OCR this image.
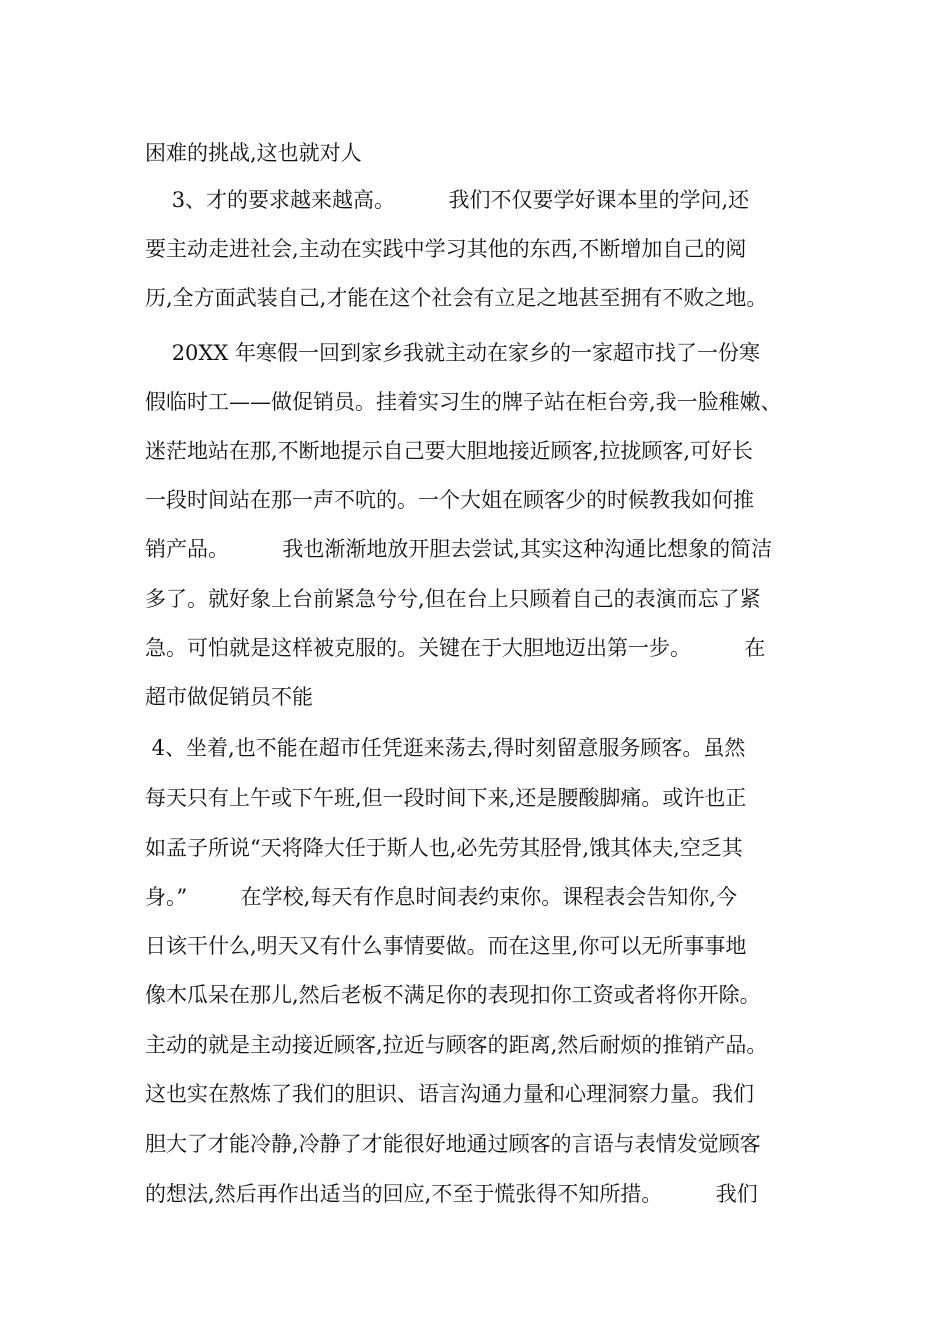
困难的挑战,这也就对人
3、才的要求越来越高。        我们不仅要学好课本里的学问,还
要主动走进社会,主动在实践中学习其他的东西,不断增加自己的阅
历,全方面武装自己,才能在这个社会有立足之地甚至拥有不败之地。
20XX 年寒假一回到家乡我就主动在家乡的一家超市找了一份寒
假临时工——做促销员。挂着实习生的牌子站在柜台旁,我一脸稚嫩、
迷茫地站在那,不断地提示自己要大胆地接近顾客,拉拢顾客,可好长
一段时间站在那一声不吭的。一个大姐在顾客少的时候教我如何推
销产品。        我也渐渐地放开胆去尝试,其实这种沟通比想象的简洁
多了。就好象上台前紧急兮兮,但在台上只顾着自己的表演而忘了紧
急。可怕就是这样被克服的。关键在于大胆地迈出第一步。        在
超市做促销员不能
4、坐着,也不能在超市任凭逛来荡去,得时刻留意服务顾客。虽然
每天只有上午或下午班,但一段时间下来,还是腰酸脚痛。或许也正
如孟子所说“天将降大任于斯人也,必先劳其胫骨,饿其体夫,空乏其
身。”        在学校,每天有作息时间表约束你。课程表会告知你,今
日该干什么,明天又有什么事情要做。而在这里,你可以无所事事地
像木瓜呆在那儿,然后老板不满足你的表现扣你工资或者将你开除。
主动的就是主动接近顾客,拉近与顾客的距离,然后耐烦的推销产品。
这也实在熬炼了我们的胆识、语言沟通力量和心理洞察力量。我们
胆大了才能冷静,冷静了才能很好地通过顾客的言语与表情发觉顾客
的想法,然后再作出适当的回应,不至于慌张得不知所措。        我们
